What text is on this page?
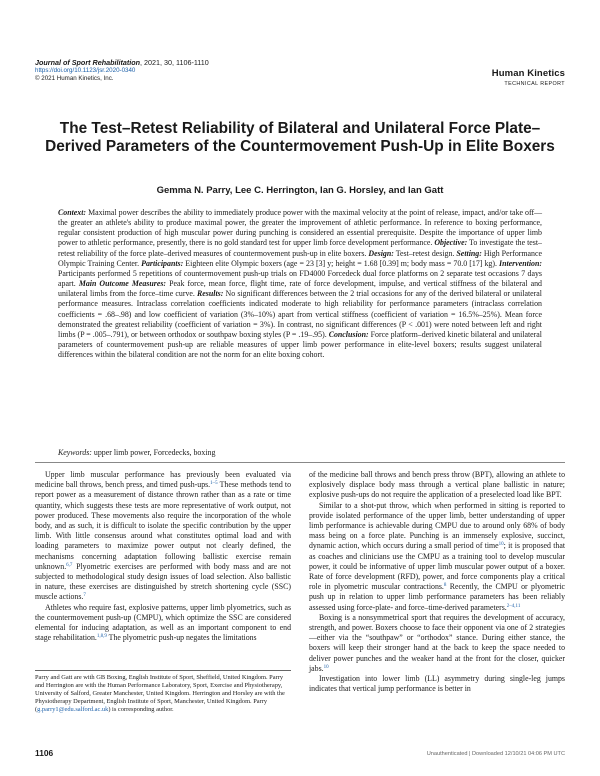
Journal of Sport Rehabilitation, 2021, 30, 1106-1110
https://doi.org/10.1123/jsr.2020-0340
© 2021 Human Kinetics, Inc.	Human Kinetics
TECHNICAL REPORT
The Test–Retest Reliability of Bilateral and Unilateral Force Plate–Derived Parameters of the Countermovement Push-Up in Elite Boxers
Gemma N. Parry, Lee C. Herrington, Ian G. Horsley, and Ian Gatt
Context: Maximal power describes the ability to immediately produce power with the maximal velocity at the point of release, impact, and/or take off—the greater an athlete's ability to produce maximal power, the greater the improvement of athletic performance. In reference to boxing performance, regular consistent production of high muscular power during punching is considered an essential prerequisite. Despite the importance of upper limb power to athletic performance, presently, there is no gold standard test for upper limb force development performance. Objective: To investigate the test–retest reliability of the force plate–derived measures of countermovement push-up in elite boxers. Design: Test–retest design. Setting: High Performance Olympic Training Center. Participants: Eighteen elite Olympic boxers (age = 23 [3] y; height = 1.68 [0.39] m; body mass = 70.0 [17] kg). Intervention: Participants performed 5 repetitions of countermovement push-up trials on FD4000 Forcedeck dual force platforms on 2 separate test occasions 7 days apart. Main Outcome Measures: Peak force, mean force, flight time, rate of force development, impulse, and vertical stiffness of the bilateral and unilateral limbs from the force–time curve. Results: No significant differences between the 2 trial occasions for any of the derived bilateral or unilateral performance measures. Intraclass correlation coefficients indicated moderate to high reliability for performance parameters (intraclass correlation coefficients = .68–.98) and low coefficient of variation (3%–10%) apart from vertical stiffness (coefficient of variation = 16.5%–25%). Mean force demonstrated the greatest reliability (coefficient of variation = 3%). In contrast, no significant differences (P < .001) were noted between left and right limbs (P = .005–.791), or between orthodox or southpaw boxing styles (P = .19–.95). Conclusion: Force platform–derived kinetic bilateral and unilateral parameters of countermovement push-up are reliable measures of upper limb power performance in elite-level boxers; results suggest unilateral differences within the bilateral condition are not the norm for an elite boxing cohort.
Keywords: upper limb power, Forcedecks, boxing

Upper limb muscular performance has previously been evaluated via medicine ball throws, bench press, and timed push-ups.$^{1-5}$ These methods tend to report power as a measurement of distance thrown rather than as a rate or time quantity, which suggests these tests are more representative of work output, not power produced. These movements also require the incorporation of the whole body, and as such, it is difficult to isolate the specific contribution by the upper limb. With little consensus around what constitutes optimal load and with loading parameters to maximize power output not clearly defined, the mechanisms concerning adaptation following ballistic exercise remain unknown.$^{6,7}$ Plyometric exercises are performed with body mass and are not subjected to methodological study design issues of load selection. Also ballistic in nature, these exercises are distinguished by stretch shortening cycle (SSC) muscle actions.$^7$

Athletes who require fast, explosive patterns, upper limb plyometrics, such as the countermovement push-up (CMPU), which optimize the SSC are considered elemental for inducing adaptation, as well as an important component to end stage rehabilitation.$^{1,8,9}$ The plyometric push-up negates the limitations

Parry and Gatt are with GB Boxing, English Institute of Sport, Sheffield, United Kingdom. Parry and Herrington are with the Human Performance Laboratory, Sport, Exercise and Physiotherapy, University of Salford, Greater Manchester, United Kingdom. Herrington and Horsley are with the Physiotherapy Department, English Institute of Sport, Manchester, United Kingdom. Parry (g.parry1@edu.salford.ac.uk) is corresponding author.

of the medicine ball throws and bench press throw (BPT), allowing an athlete to explosively displace body mass through a vertical plane ballistic in nature; explosive push-ups do not require the application of a preselected load like BPT.

Similar to a shot-put throw, which when performed in sitting is reported to provide isolated performance of the upper limb, better understanding of upper limb performance is achievable during CMPU due to around only 68% of body mass being on a force plate. Punching is an immensely explosive, succinct, dynamic action, which occurs during a small period of time$^{10}$; it is proposed that as coaches and clinicians use the CMPU as a training tool to develop muscular power, it could be informative of upper limb muscular power output of a boxer. Rate of force development (RFD), power, and force components play a critical role in plyometric muscular contractions.$^8$ Recently, the CMPU or plyometric push up in relation to upper limb performance parameters has been reliably assessed using force-plate- and force–time-derived parameters.$^{2-4,11}$

Boxing is a nonsymmetrical sport that requires the development of accuracy, strength, and power. Boxers choose to face their opponent via one of 2 strategies—either via the “southpaw” or “orthodox” stance. During either stance, the boxers will keep their stronger hand at the back to keep the space needed to deliver power punches and the weaker hand at the front for the closer, quicker jabs.$^{10}$

Investigation into lower limb (LL) asymmetry during single-leg jumps indicates that vertical jump performance is better in

1106	Unauthenticated | Downloaded 12/10/21 04:06 PM UTC
